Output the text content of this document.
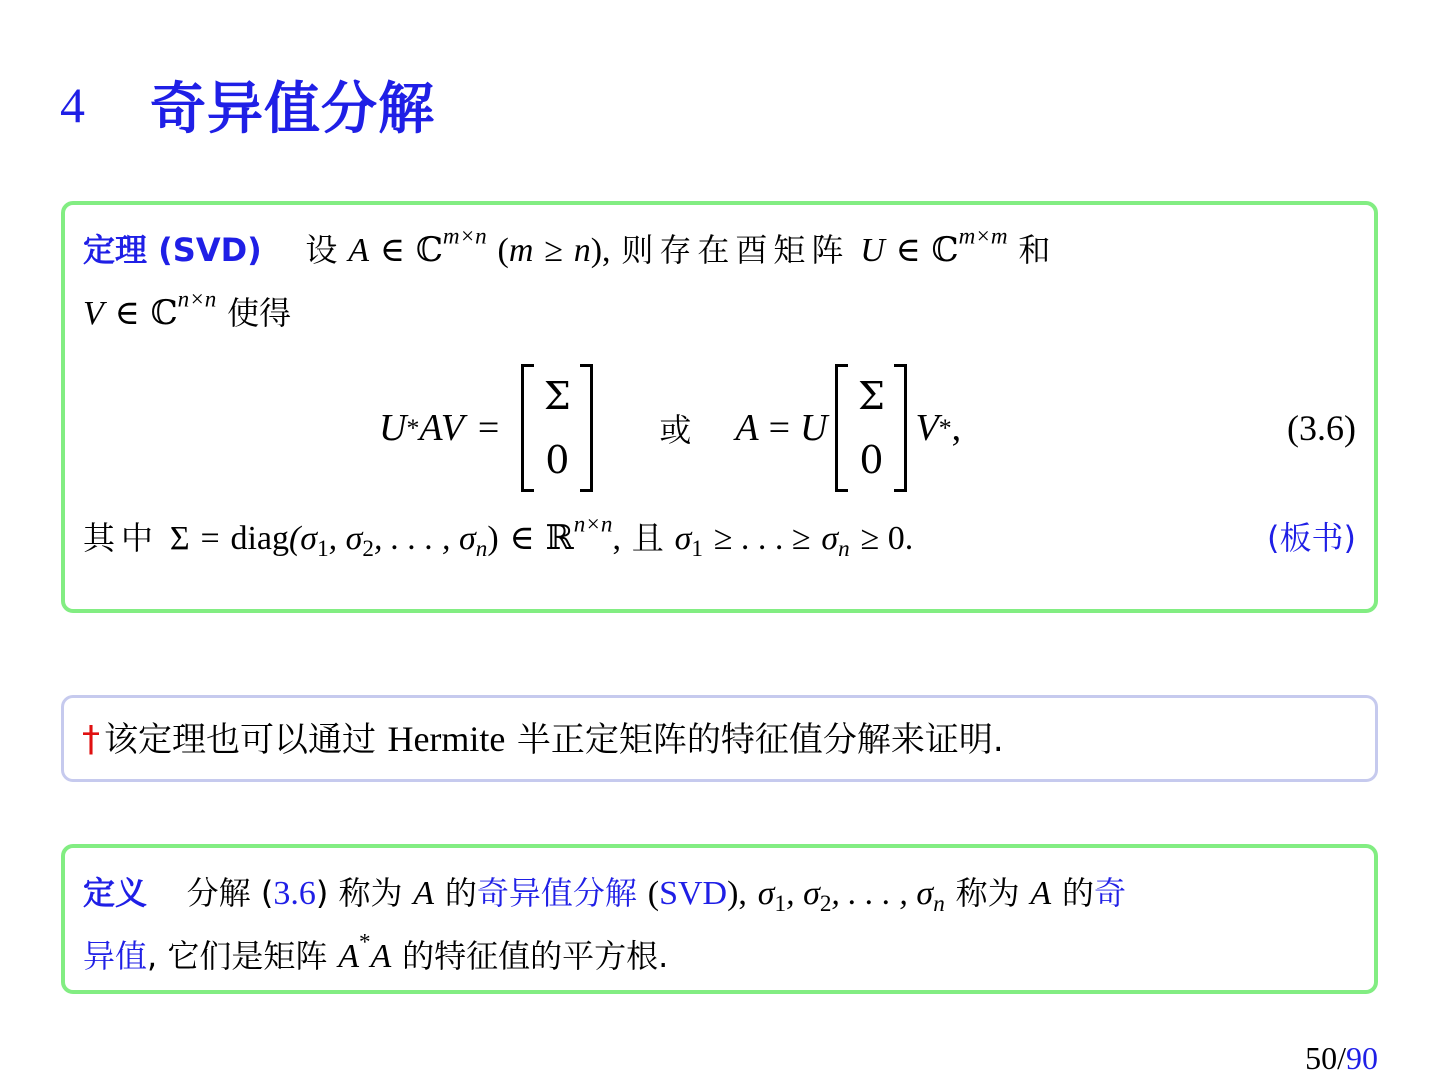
4	奇异值分解
定理 (SVD) 设 A ∈ ℂ$^{m\times n}$ (m ≥ n), 则存在酉矩阵 U ∈ ℂ$^{m\times m}$ 和
V ∈ ℂ$^{n\times n}$ 使得
U * AV =
Σ
0
或 A = U
Σ
0
V * ,	(3.6)
其中 $\Sigma = diag(\sigma_1$, $\sigma_2$, . . . , $\sigma_n$) ∈ ℝ$^{n\times n}$, 且 $\sigma_1$ ≥ . . . ≥ $\sigma_n \ge 0$.	(板书)
† 该定理也可以通过 Hermite 半正定矩阵的特征值分解来证明.
定义 分解 (3.6) 称为 A 的奇异值分解 (SVD), $\sigma_1$, $\sigma_2$, . . . , $\sigma_n$ 称为 A 的奇
异值, 它们是矩阵 A*A 的特征值的平方根.
50/90
